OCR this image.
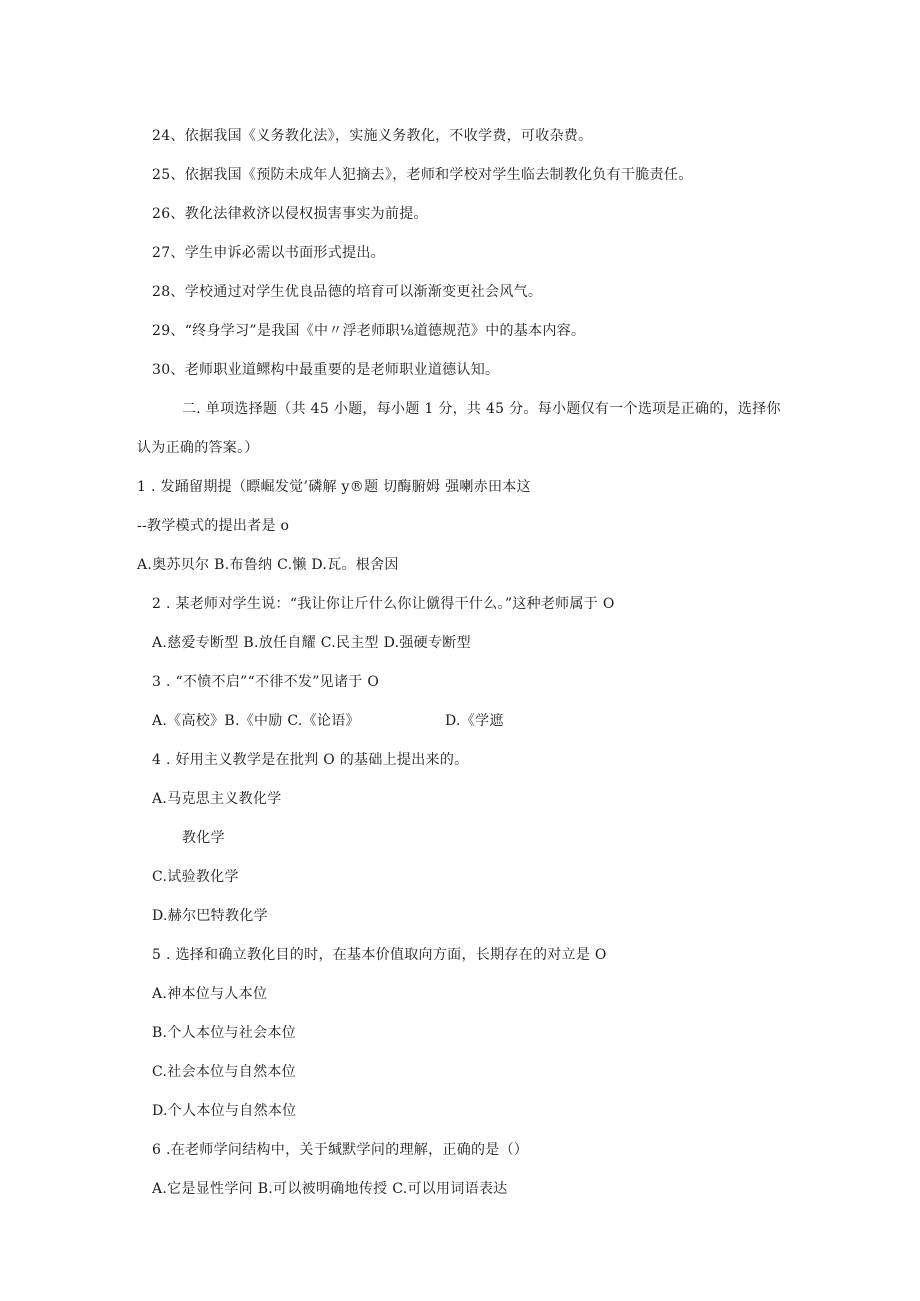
24、依据我国《义务教化法》，实施义务教化，不收学费，可收杂费。
25、依据我国《预防未成年人犯摘去》，老师和学校对学生临去制教化负有干脆责任。
26、教化法律救济以侵权损害事实为前提。
27、学生申诉必需以书面形式提出。
28、学校通过对学生优良品德的培育可以渐渐变更社会风气。
29、“终身学习”是我国《中〃浮老师职⅛道德规范》中的基本内容。
30、老师职业道鳏构中最重要的是老师职业道德认知。
二. 单项选择题（共 45 小题，每小题 1 分，共 45 分。每小题仅有一个选项是正确的，选择你
认为正确的答案。）
1 . 发踊留期提（瞟崛发觉’磷解 y®题 切酶腑姆 强喇赤田本这
--教学模式的提出者是 o
A.奥苏贝尔 B.布鲁纳 C.懒 D.瓦。根舍因
2 . 某老师对学生说：“我让你让斤什么你让僦得干什么。”这种老师属于 O
A.慈爱专断型 B.放任自耀 C.民主型 D.强硬专断型
3 . “不愤不启”“不徘不发”见诸于 O
A.《高校》B.《中励 C.《论语》	D.《学遮
4 . 好用主义教学是在批判 O 的基础上提出来的。
A.马克思主义教化学
教化学
C.试验教化学
D.赫尔巴特教化学
5 . 选择和确立教化目的时，在基本价值取向方面，长期存在的对立是 O
A.神本位与人本位
B.个人本位与社会本位
C.社会本位与自然本位
D.个人本位与自然本位
6 .在老师学问结构中，关于缄默学问的理解，正确的是（）
A.它是显性学问 B.可以被明确地传授 C.可以用词语表达
